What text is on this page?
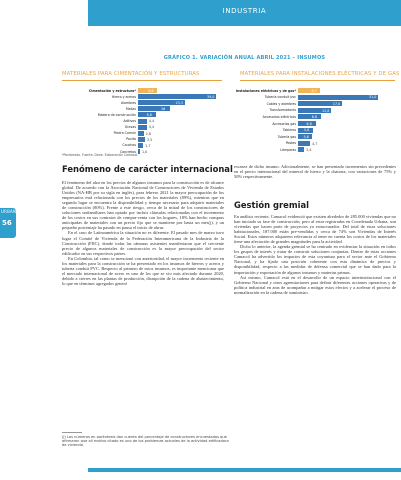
INDUSTRIA
URBANA
56
GRÁFICO 1. VARIACIÓN ANUAL ABRIL 2021 – INSUMOS
MATERIALES PARA CIMENTACIÓN Y ESTRUCTURAS	MATERIALES PARA INSTALACIONES ELÉCTRICAS Y DE GAS
Cimentación y estructura*	9,6
Hierro y aceros	39,0
Alambres	23,3
Mallas	16
Madera de construcción	8,8
Aditivos	4,4
Gravas	4,4
Piedra Común	2,8
Pavito	3,5
Cauchos	2,7
Concretos 1,0
Instalaciones eléctricas y de gas*	8,7
Tubería conduit pvc	31,0
Cables y alambres	17,0
Transformadores	12,8
Accesorios eléctricos	8,8
Accesorios gas	6,8
Tableros 5,8
Tubería gas 5,6
Postes	4,7
Lámparas	2,4
*Ponderado. Fuente: Dane. Elaboración Camacol.
Fenómeno de carácter internacional

El fenómeno del alza en los precios de algunos insumos para la construcción es de alcance global. De acuerdo con la Asociación Nacional de Constructores de Vivienda de Estados Unidos (NA-HB por su sigla en inglés), para febrero 2021 la mayor preocupación de los empresarios está relacionada con los precios de los materiales (89%), mientras que en segundo lugar se encuentra la disponibilidad y tiempo necesario para adquirir materiales de construcción (80%). Frente a este riesgo, cerca de la mitad de los constructores de soluciones unifamiliares han optado por incluir cláusulas relacionadas con el incremento de los costos en sus contratos de compra-venta con los hogares, 18% han hecho compras anticipadas de materiales con un precio fijo que se mantiene por hasta un mes(j), y un pequeño porcentaje ha pasado en pausa el inicio de obras.

En el caso de Latinoamérica la situación no es diferente. El pasado mes de marzo tuvo lugar el Comité de Vivienda de la Federación Interamericana de la Industria de la Construcción (FIIC), donde todas las cámaras asistentes manifestaron que el creciente precio de algunos materiales de construcción es la mayor preocupación del sector edificador en sus respectivos países.

En Colombia, tal como se mencionó con anterioridad, el mayor incremento reciente en los materiales para la construcción se ha presentado en los insumos de hierros y aceros y tubería conduit PVC. Respecto al primero de estos insumos, es importante mencionar que el mercado internacional de acero es uno de los que se vio más afectado durante 2020, debido a cierres en las plantas de producción, disrupción de la cadena de abastecimiento, lo que en términos agregados generó

escasez de dicho insumo. Adicionalmente, se han presentado incrementos sin precedentes en el precio internacional del mineral de hierro y la chatarra, con variaciones de 75% y 50% respectivamente.

Gestión gremial

En análisis reciente, Camacol evidenció que existen alrededor de 285.000 viviendas que no han iniciado su fase de construcción, pero al estar registradas en Coordenada Urbana, son viviendas que hacen parte de proyectos ya estructurados. Del total de estas soluciones habitacionales, 187.000 están pre-vendidas y cerca de 74% son Viviendas de Interés Social. Estos números adquieren relevancia al tener en cuenta los costos de los materiales tiene una afectación de grandes magnitudes para la actividad.

Dicho lo anterior, la agenda gremial se ha centrado en evidenciar la situación en todos los grupos de interés y tratar de construir soluciones conjuntas. Dentro de estas acciones Camacol ha advertido los impactos de esta coyuntura para el sector ante el Gobierno Nacional, y ha fijado una posición coherente con esta dinámica de precios y disponibilidad, respecto a las medidas de defensa comercial que se han dado para la importación y exportación de algunos insumos y materias primas.

Así mismo, Camacol está en el desarrollo de un espacio interinstitucional con el Gobierno Nacional y otros agremiaciones para definir diferentes acciones operativas y de política industrial en aras de acompañar a mitigar estos efectos y a acelerar el proceso de normalización en la cadena de suministro.

(j) Los números en paréntesis dan cuenta del porcentaje de constructores encuestados que afirmaron que ali motivo citado es uno de los problemas actuales de la actividad edificadora de vivienda.
